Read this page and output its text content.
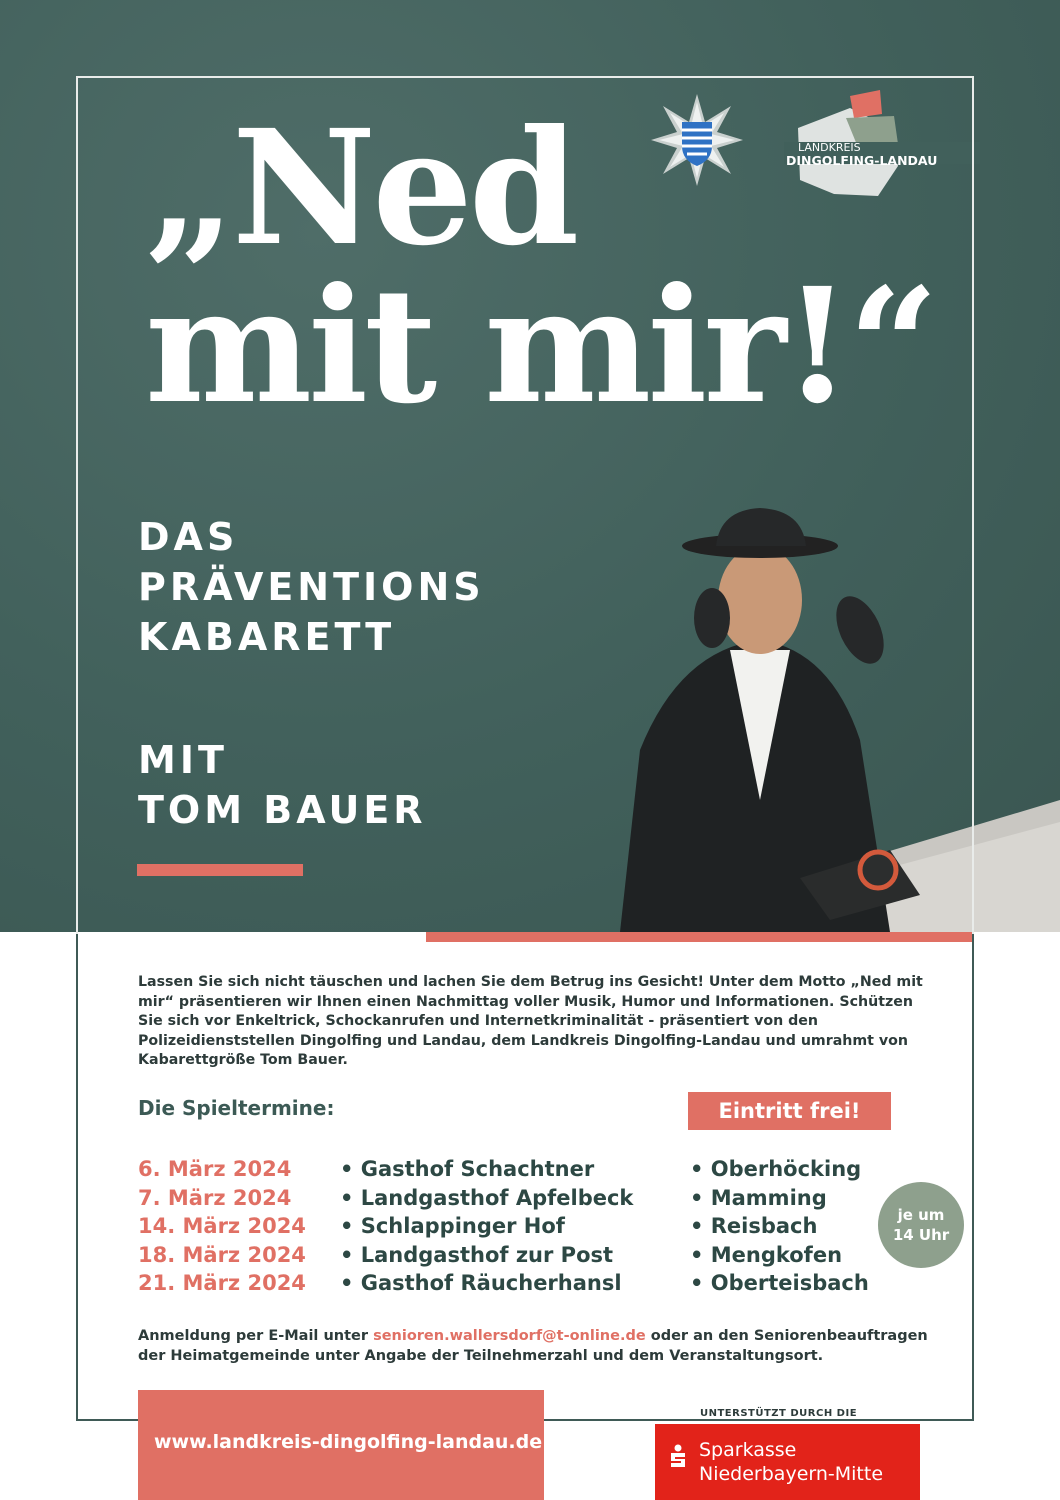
„Ned
mit mir!“
DAS
PRÄVENTIONS
KABARETT
MIT
TOM BAUER
LANDKREIS
DINGOLFING-LANDAU
Lassen Sie sich nicht täuschen und lachen Sie dem Betrug ins Gesicht! Unter dem Motto „Ned mit mir“ präsentieren wir Ihnen einen Nachmittag voller Musik, Humor und Informationen. Schützen Sie sich vor Enkeltrick, Schockanrufen und Internetkriminalität - präsentiert von den Polizeidienststellen Dingolfing und Landau, dem Landkreis Dingolfing-Landau und umrahmt von Kabarettgröße Tom Bauer.
Die Spieltermine:	Eintritt frei!
6. März 2024 • Gasthof Schachtner	• Oberhöcking
7. März 2024 • Landgasthof Apfelbeck	• Mamming
14. März 2024 • Schlappinger Hof	• Reisbach
18. März 2024 • Landgasthof zur Post	• Mengkofen
21. März 2024 • Gasthof Räucherhansl	• Oberteisbach
je um
14 Uhr
Anmeldung per E-Mail unter senioren.wallersdorf@t-online.de oder an den Seniorenbeauftragen der Heimatgemeinde unter Angabe der Teilnehmerzahl und dem Veranstaltungsort.
www.landkreis-dingolfing-landau.de
UNTERSTÜTZT DURCH DIE
Sparkasse
Niederbayern-Mitte
